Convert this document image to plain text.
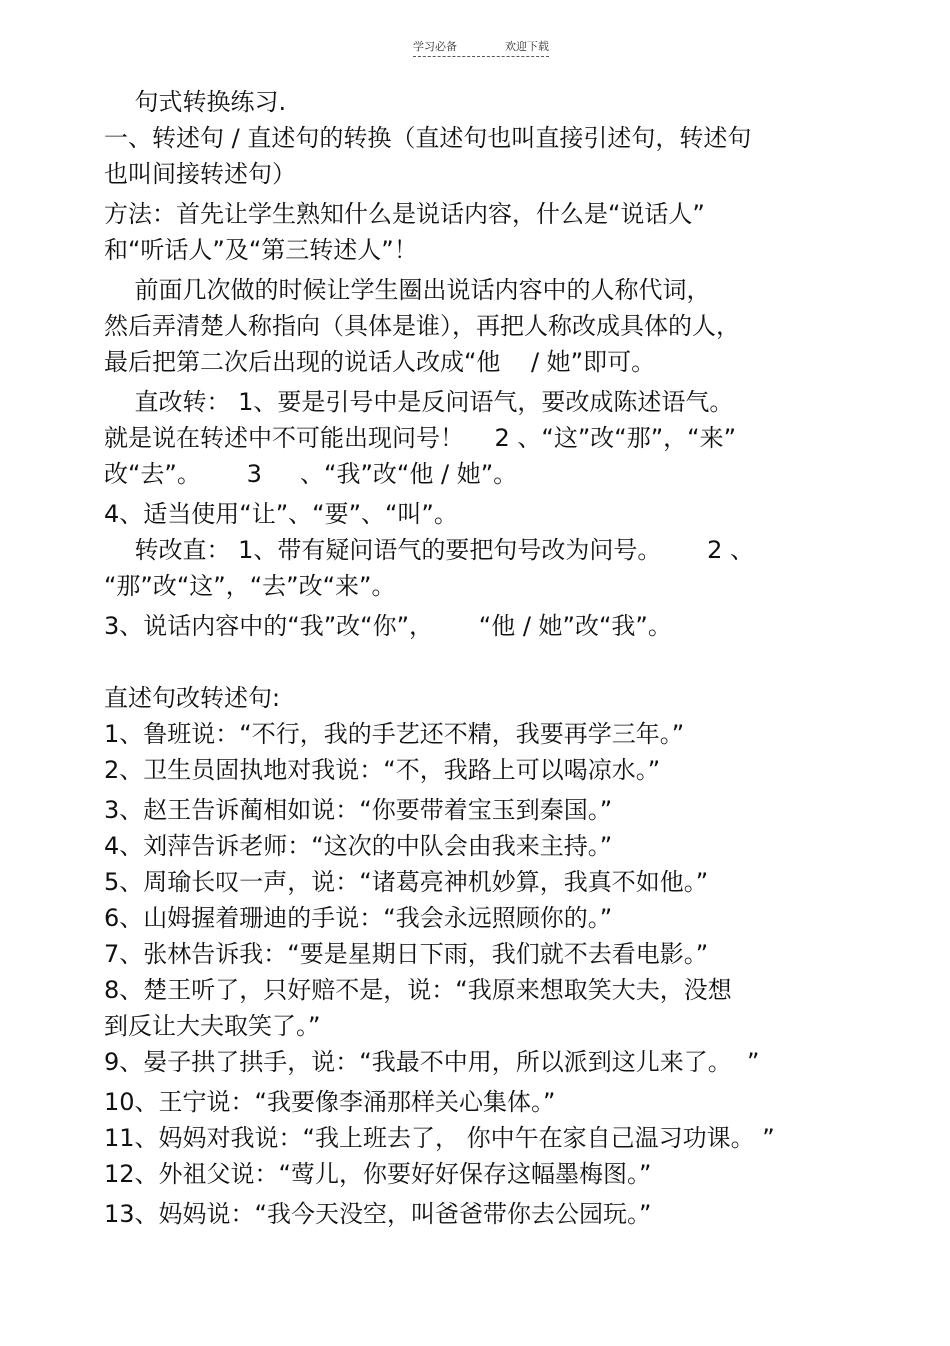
学习必备	欢迎下载
句式转换练习.
一、转述句 / 直述句的转换（直述句也叫直接引述句，转述句
也叫间接转述句）
方法：首先让学生熟知什么是说话内容，什么是“说话人”
和“听话人”及“第三转述人”！
前面几次做的时候让学生圈出说话内容中的人称代词，
然后弄清楚人称指向（具体是谁），再把人称改成具体的人，
最后把第二次后出现的说话人改成“他    / 她”即可。
直改转： 1、要是引号中是反问语气，要改成陈述语气。
就是说在转述中不可能出现问号！    2 、“这”改“那”，“来”
改“去”。      3     、“我”改“他 / 她”。
4、适当使用“让”、“要”、“叫”。
转改直： 1、带有疑问语气的要把句号改为问号。      2 、
“那”改“这”，“去”改“来”。
3、说话内容中的“我”改“你”，      “他 / 她”改“我”。
直述句改转述句:
1、鲁班说：“不行，我的手艺还不精，我要再学三年。”
2、卫生员固执地对我说：“不，我路上可以喝凉水。”
3、赵王告诉蔺相如说：“你要带着宝玉到秦国。”
4、刘萍告诉老师：“这次的中队会由我来主持。”
5、周瑜长叹一声，说：“诸葛亮神机妙算，我真不如他。”
6、山姆握着珊迪的手说：“我会永远照顾你的。”
7、张林告诉我：“要是星期日下雨，我们就不去看电影。”
8、楚王听了，只好赔不是，说：“我原来想取笑大夫，没想
到反让大夫取笑了。”
9、晏子拱了拱手，说：“我最不中用，所以派到这儿来了。  ”
10、王宁说：“我要像李涌那样关心集体。”
11、妈妈对我说：“我上班去了， 你中午在家自己温习功课。 ”
12、外祖父说：“莺儿，你要好好保存这幅墨梅图。”
13、妈妈说：“我今天没空，叫爸爸带你去公园玩。”
